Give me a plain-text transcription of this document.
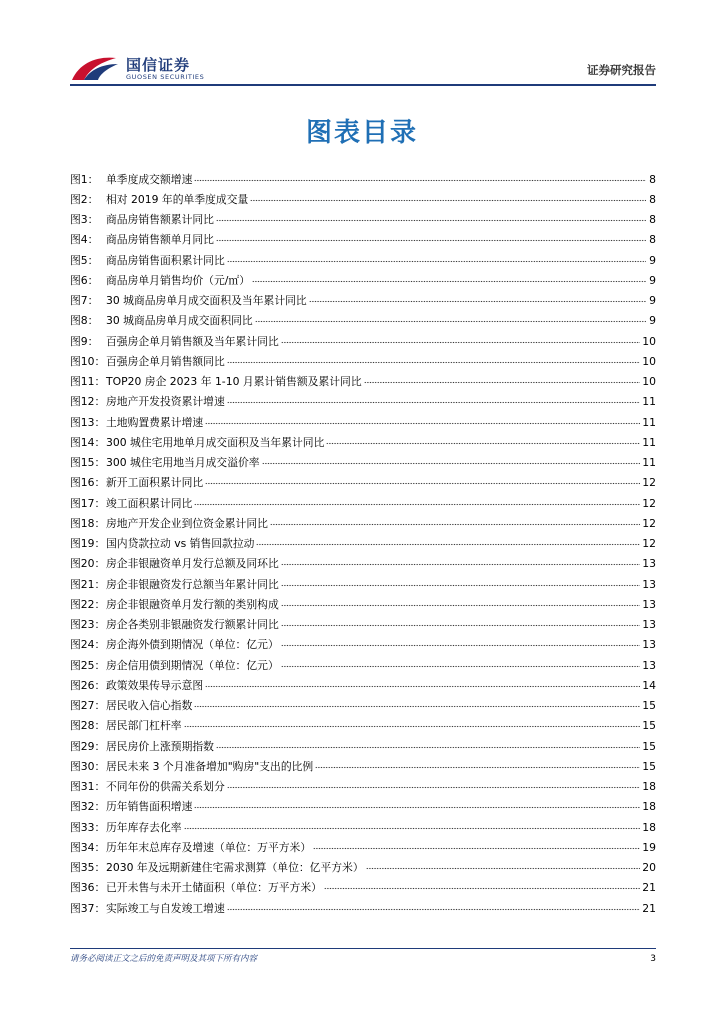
国信证券
GUOSEN SECURITIES	证券研究报告
图表目录
图1： 单季度成交额增速	8
图2： 相对 2019 年的单季度成交量	8
图3： 商品房销售额累计同比	8
图4： 商品房销售额单月同比	8
图5： 商品房销售面积累计同比	9
图6： 商品房单月销售均价（元/㎡）	9
图7： 30 城商品房单月成交面积及当年累计同比	9
图8： 30 城商品房单月成交面积同比	9
图9： 百强房企单月销售额及当年累计同比	10
图10： 百强房企单月销售额同比	10
图11： TOP20 房企 2023 年 1-10 月累计销售额及累计同比	10
图12： 房地产开发投资累计增速	11
图13： 土地购置费累计增速	11
图14： 300 城住宅用地单月成交面积及当年累计同比	11
图15： 300 城住宅用地当月成交溢价率	11
图16： 新开工面积累计同比	12
图17： 竣工面积累计同比	12
图18： 房地产开发企业到位资金累计同比	12
图19： 国内贷款拉动 vs 销售回款拉动	12
图20： 房企非银融资单月发行总额及同环比	13
图21： 房企非银融资发行总额当年累计同比	13
图22： 房企非银融资单月发行额的类别构成	13
图23： 房企各类别非银融资发行额累计同比	13
图24： 房企海外债到期情况（单位：亿元）	13
图25： 房企信用债到期情况（单位：亿元）	13
图26： 政策效果传导示意图	14
图27： 居民收入信心指数	15
图28： 居民部门杠杆率	15
图29： 居民房价上涨预期指数	15
图30： 居民未来 3 个月准备增加"购房"支出的比例	15
图31： 不同年份的供需关系划分	18
图32： 历年销售面积增速	18
图33： 历年库存去化率	18
图34： 历年年末总库存及增速（单位：万平方米）	19
图35： 2030 年及远期新建住宅需求测算（单位：亿平方米）	20
图36： 已开未售与未开土储面积（单位：万平方米）	21
图37： 实际竣工与自发竣工增速	21
请务必阅读正文之后的免责声明及其项下所有内容	3
